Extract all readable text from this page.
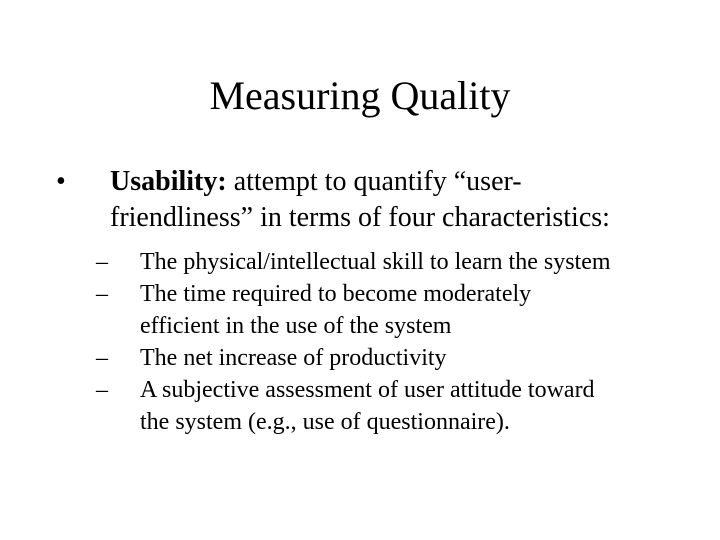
Measuring Quality
• Usability: attempt to quantify “user-
friendliness” in terms of four characteristics:
– The physical/intellectual skill to learn the system
– The time required to become moderately
efficient in the use of the system
– The net increase of productivity
– A subjective assessment of user attitude toward
the system (e.g., use of questionnaire).
